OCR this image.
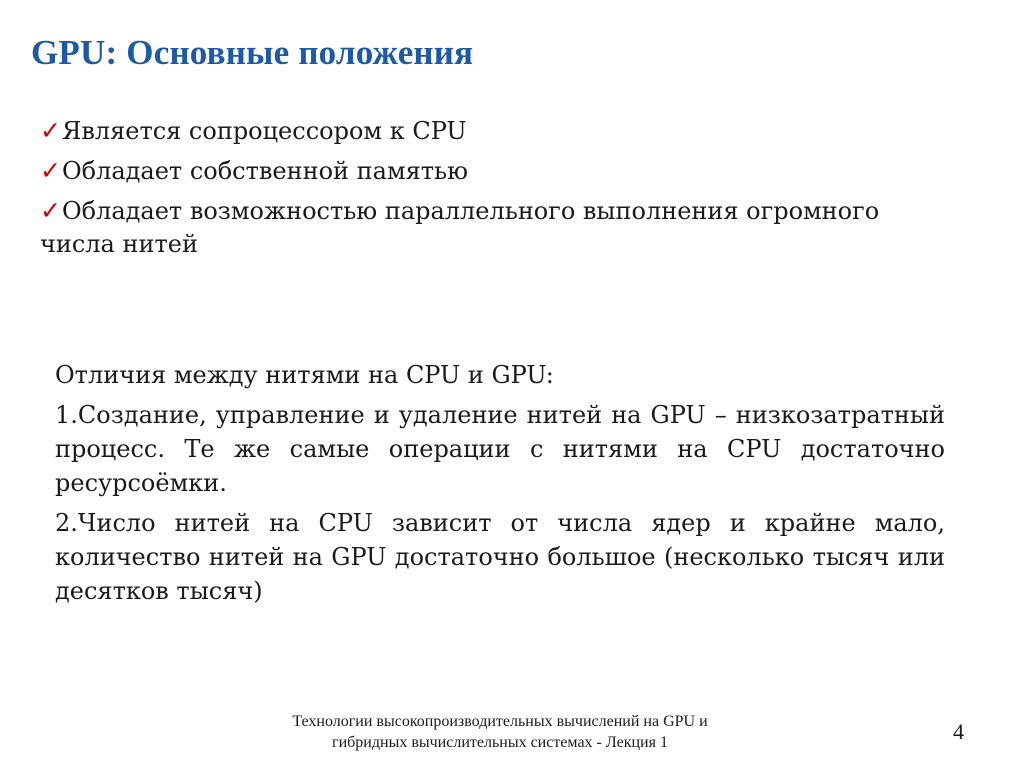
GPU: Основные положения
✓Является сопроцессором к CPU
✓Обладает собственной памятью
✓Обладает возможностью параллельного выполнения огромного числа нитей

Отличия между нитями на CPU и GPU:

1.Создание, управление и удаление нитей на GPU – низкозатратный процесс. Те же самые операции с нитями на CPU достаточно ресурсоёмки.

2.Число нитей на CPU зависит от числа ядер и крайне мало, количество нитей на GPU достаточно большое (несколько тысяч или десятков тысяч)

Технологии высокопроизводительных вычислений на GPU и
гибридных вычислительных системах - Лекция 1	4
